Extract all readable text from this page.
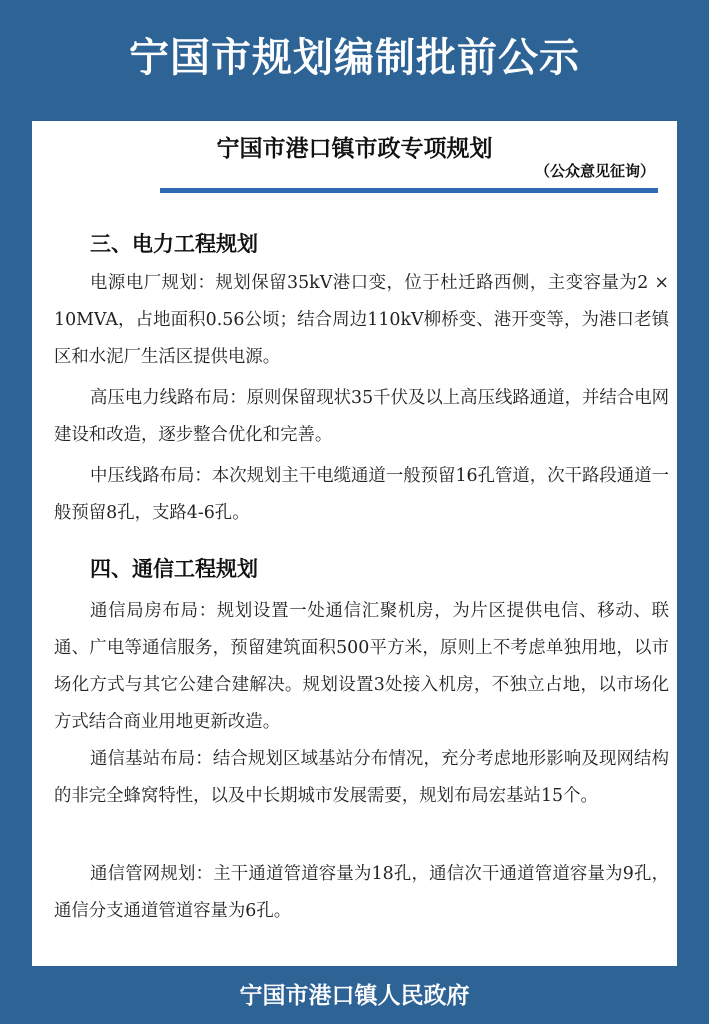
宁国市规划编制批前公示
宁国市港口镇市政专项规划
（公众意见征询）
三、电力工程规划

电源电厂规划：规划保留35kV港口变，位于杜迁路西侧，主变容量为2 × 10MVA，占地面积0.56公顷；结合周边110kV柳桥变、港开变等，为港口老镇区和水泥厂生活区提供电源。

高压电力线路布局：原则保留现状35千伏及以上高压线路通道，并结合电网建设和改造，逐步整合优化和完善。

中压线路布局：本次规划主干电缆通道一般预留16孔管道，次干路段通道一般预留8孔，支路4-6孔。

四、通信工程规划

通信局房布局：规划设置一处通信汇聚机房，为片区提供电信、移动、联通、广电等通信服务，预留建筑面积500平方米，原则上不考虑单独用地，以市场化方式与其它公建合建解决。规划设置3处接入机房，不独立占地，以市场化方式结合商业用地更新改造。

通信基站布局：结合规划区域基站分布情况，充分考虑地形影响及现网结构的非完全蜂窝特性，以及中长期城市发展需要，规划布局宏基站15个。

通信管网规划：主干通道管道容量为18孔，通信次干通道管道容量为9孔，通信分支通道管道容量为6孔。

宁国市港口镇人民政府
